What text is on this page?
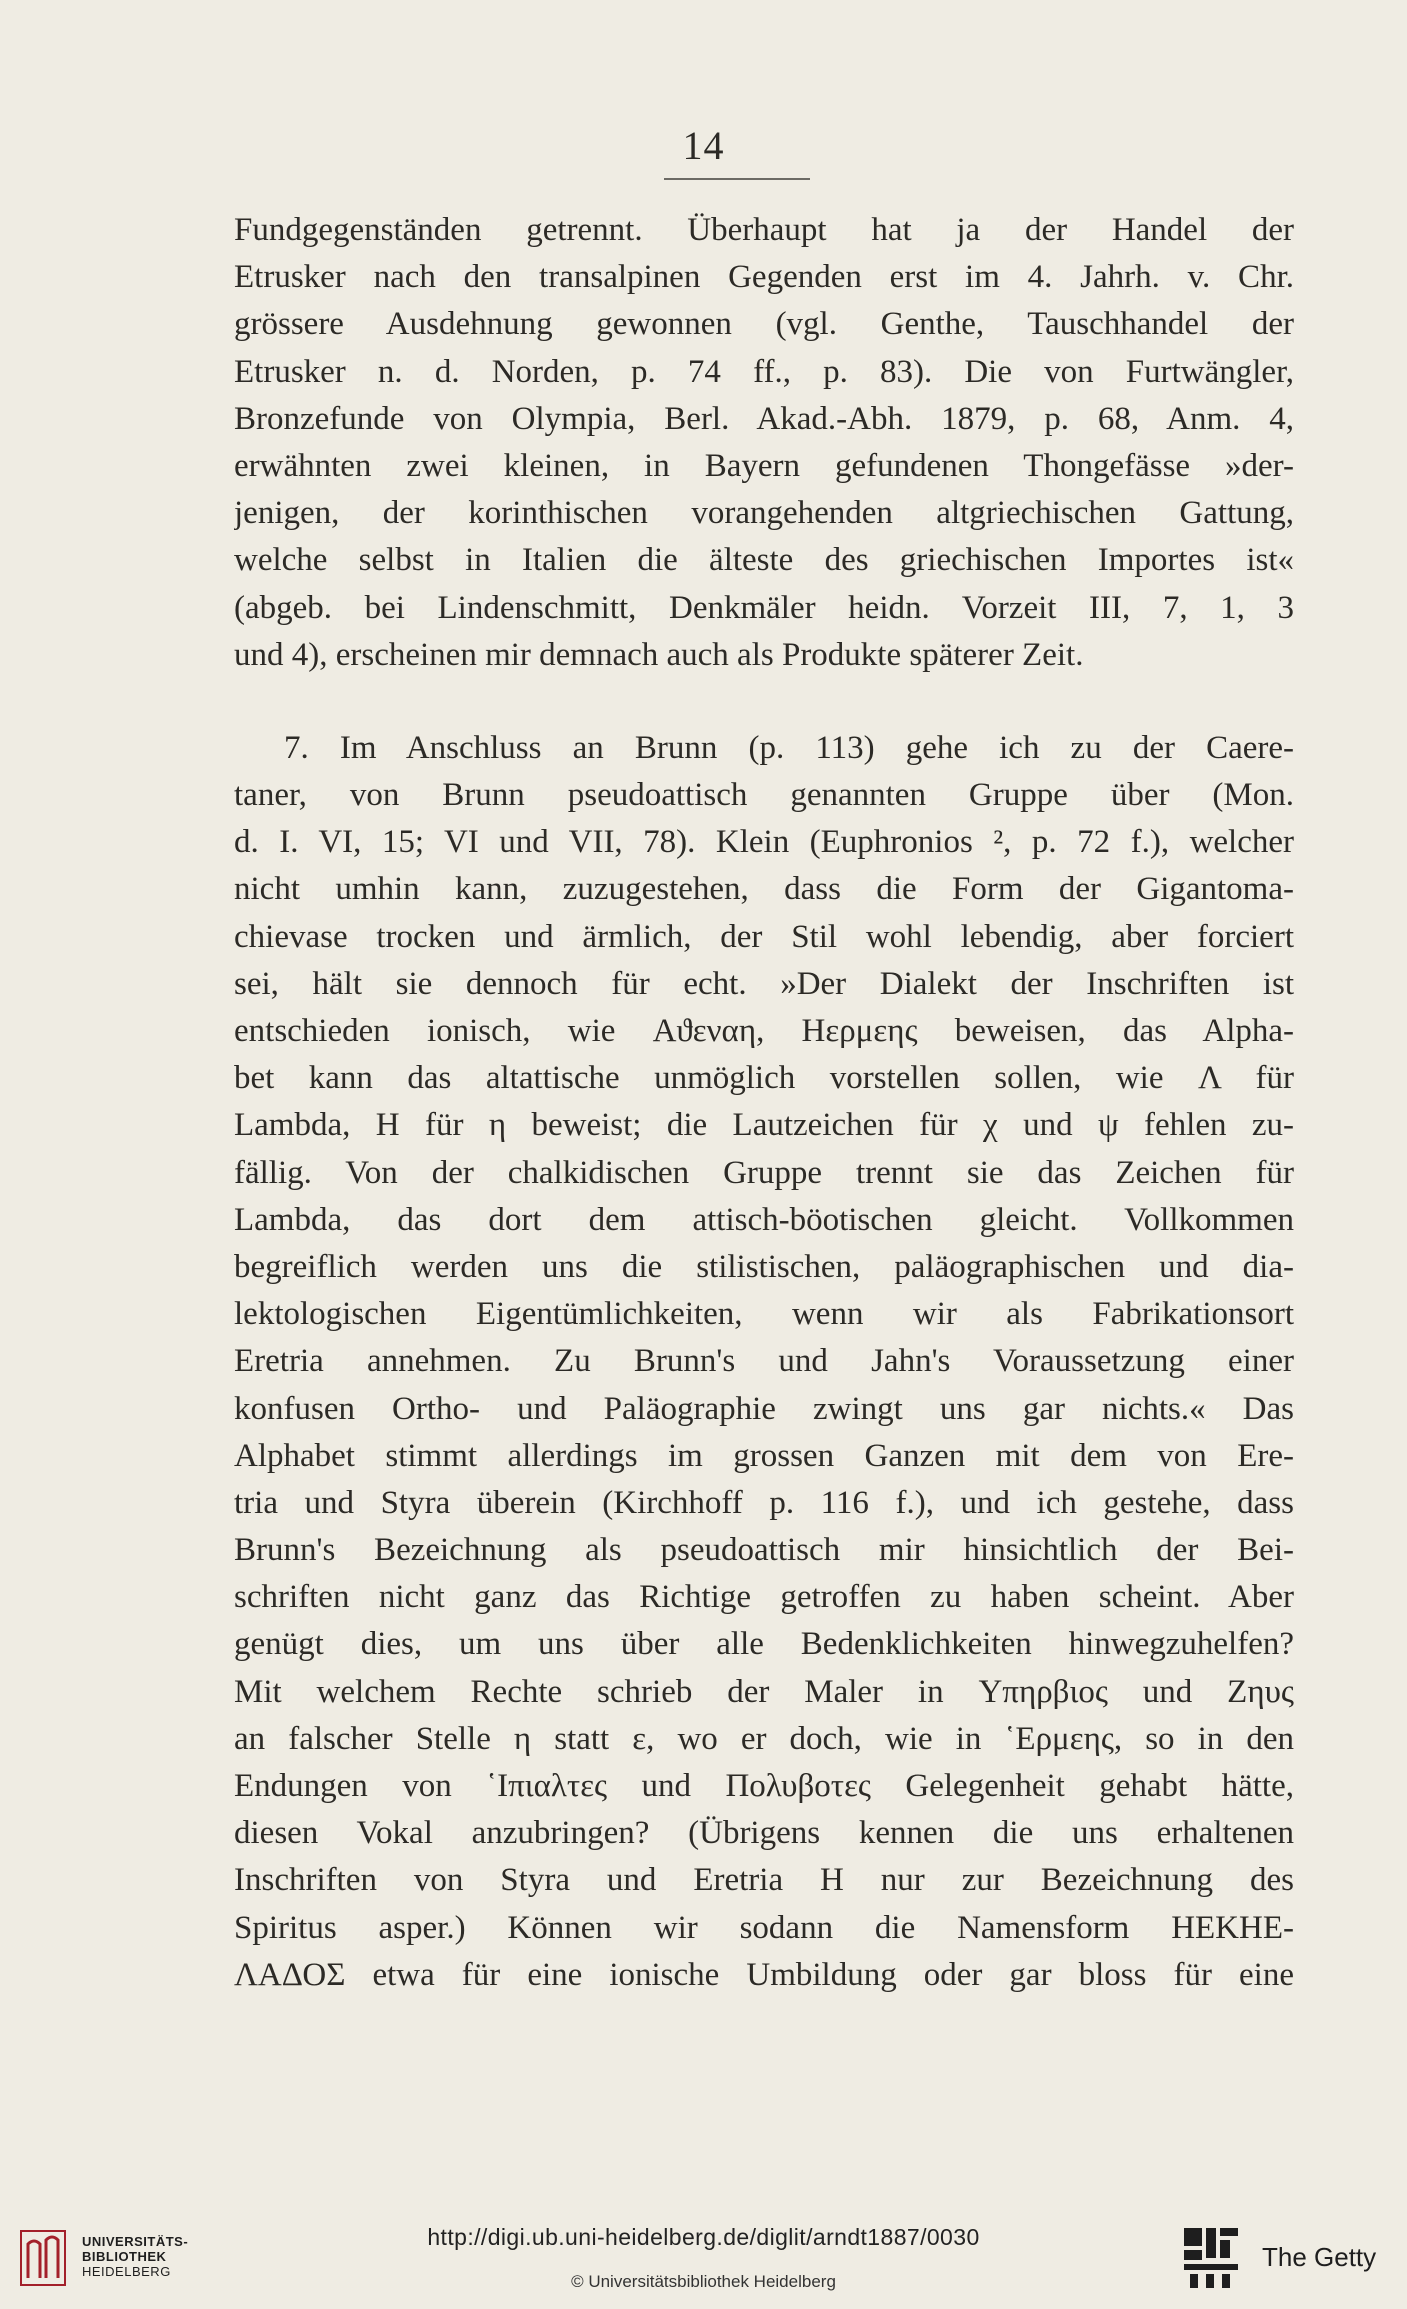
14
Fundgegenständen getrennt. Überhaupt hat ja der Handel der
Etrusker nach den transalpinen Gegenden erst im 4. Jahrh. v. Chr.
grössere Ausdehnung gewonnen (vgl. Genthe, Tauschhandel der
Etrusker n. d. Norden, p. 74 ff., p. 83). Die von Furtwängler,
Bronzefunde von Olympia, Berl. Akad.-Abh. 1879, p. 68, Anm. 4,
erwähnten zwei kleinen, in Bayern gefundenen Thongefässe »der-
jenigen, der korinthischen vorangehenden altgriechischen Gattung,
welche selbst in Italien die älteste des griechischen Importes ist«
(abgeb. bei Lindenschmitt, Denkmäler heidn. Vorzeit III, 7, 1, 3
und 4), erscheinen mir demnach auch als Produkte späterer Zeit.
7. Im Anschluss an Brunn (p. 113) gehe ich zu der Caere-
taner, von Brunn pseudoattisch genannten Gruppe über (Mon.
d. I. VI, 15; VI und VII, 78). Klein (Euphronios ², p. 72 f.), welcher
nicht umhin kann, zuzugestehen, dass die Form der Gigantoma-
chievase trocken und ärmlich, der Stil wohl lebendig, aber forciert
sei, hält sie dennoch für echt. »Der Dialekt der Inschriften ist
entschieden ionisch, wie Αϑεναη, Ηερμεης beweisen, das Alpha-
bet kann das altattische unmöglich vorstellen sollen, wie Λ für
Lambda, Η für η beweist; die Lautzeichen für χ und ψ fehlen zu-
fällig. Von der chalkidischen Gruppe trennt sie das Zeichen für
Lambda, das dort dem attisch-böotischen gleicht. Vollkommen
begreiflich werden uns die stilistischen, paläographischen und dia-
lektologischen Eigentümlichkeiten, wenn wir als Fabrikationsort
Eretria annehmen. Zu Brunn's und Jahn's Voraussetzung einer
konfusen Ortho- und Paläographie zwingt uns gar nichts.« Das
Alphabet stimmt allerdings im grossen Ganzen mit dem von Ere-
tria und Styra überein (Kirchhoff p. 116 f.), und ich gestehe, dass
Brunn's Bezeichnung als pseudoattisch mir hinsichtlich der Bei-
schriften nicht ganz das Richtige getroffen zu haben scheint. Aber
genügt dies, um uns über alle Bedenklichkeiten hinwegzuhelfen?
Mit welchem Rechte schrieb der Maler in Υπηρβιος und Ζηυς
an falscher Stelle η statt ε, wo er doch, wie in ῾Ερμεης, so in den
Endungen von ῾Ιπιαλτες und Πολυβοτες Gelegenheit gehabt hätte,
diesen Vokal anzubringen? (Übrigens kennen die uns erhaltenen
Inschriften von Styra und Eretria Η nur zur Bezeichnung des
Spiritus asper.) Können wir sodann die Namensform ΗΕΚΗΕ-
ΛΑΔΟΣ etwa für eine ionische Umbildung oder gar bloss für eine
UNIVERSITÄTS-
BIBLIOTHEK
HEIDELBERG
http://digi.ub.uni-heidelberg.de/diglit/arndt1887/0030
© Universitätsbibliothek Heidelberg
The Getty
